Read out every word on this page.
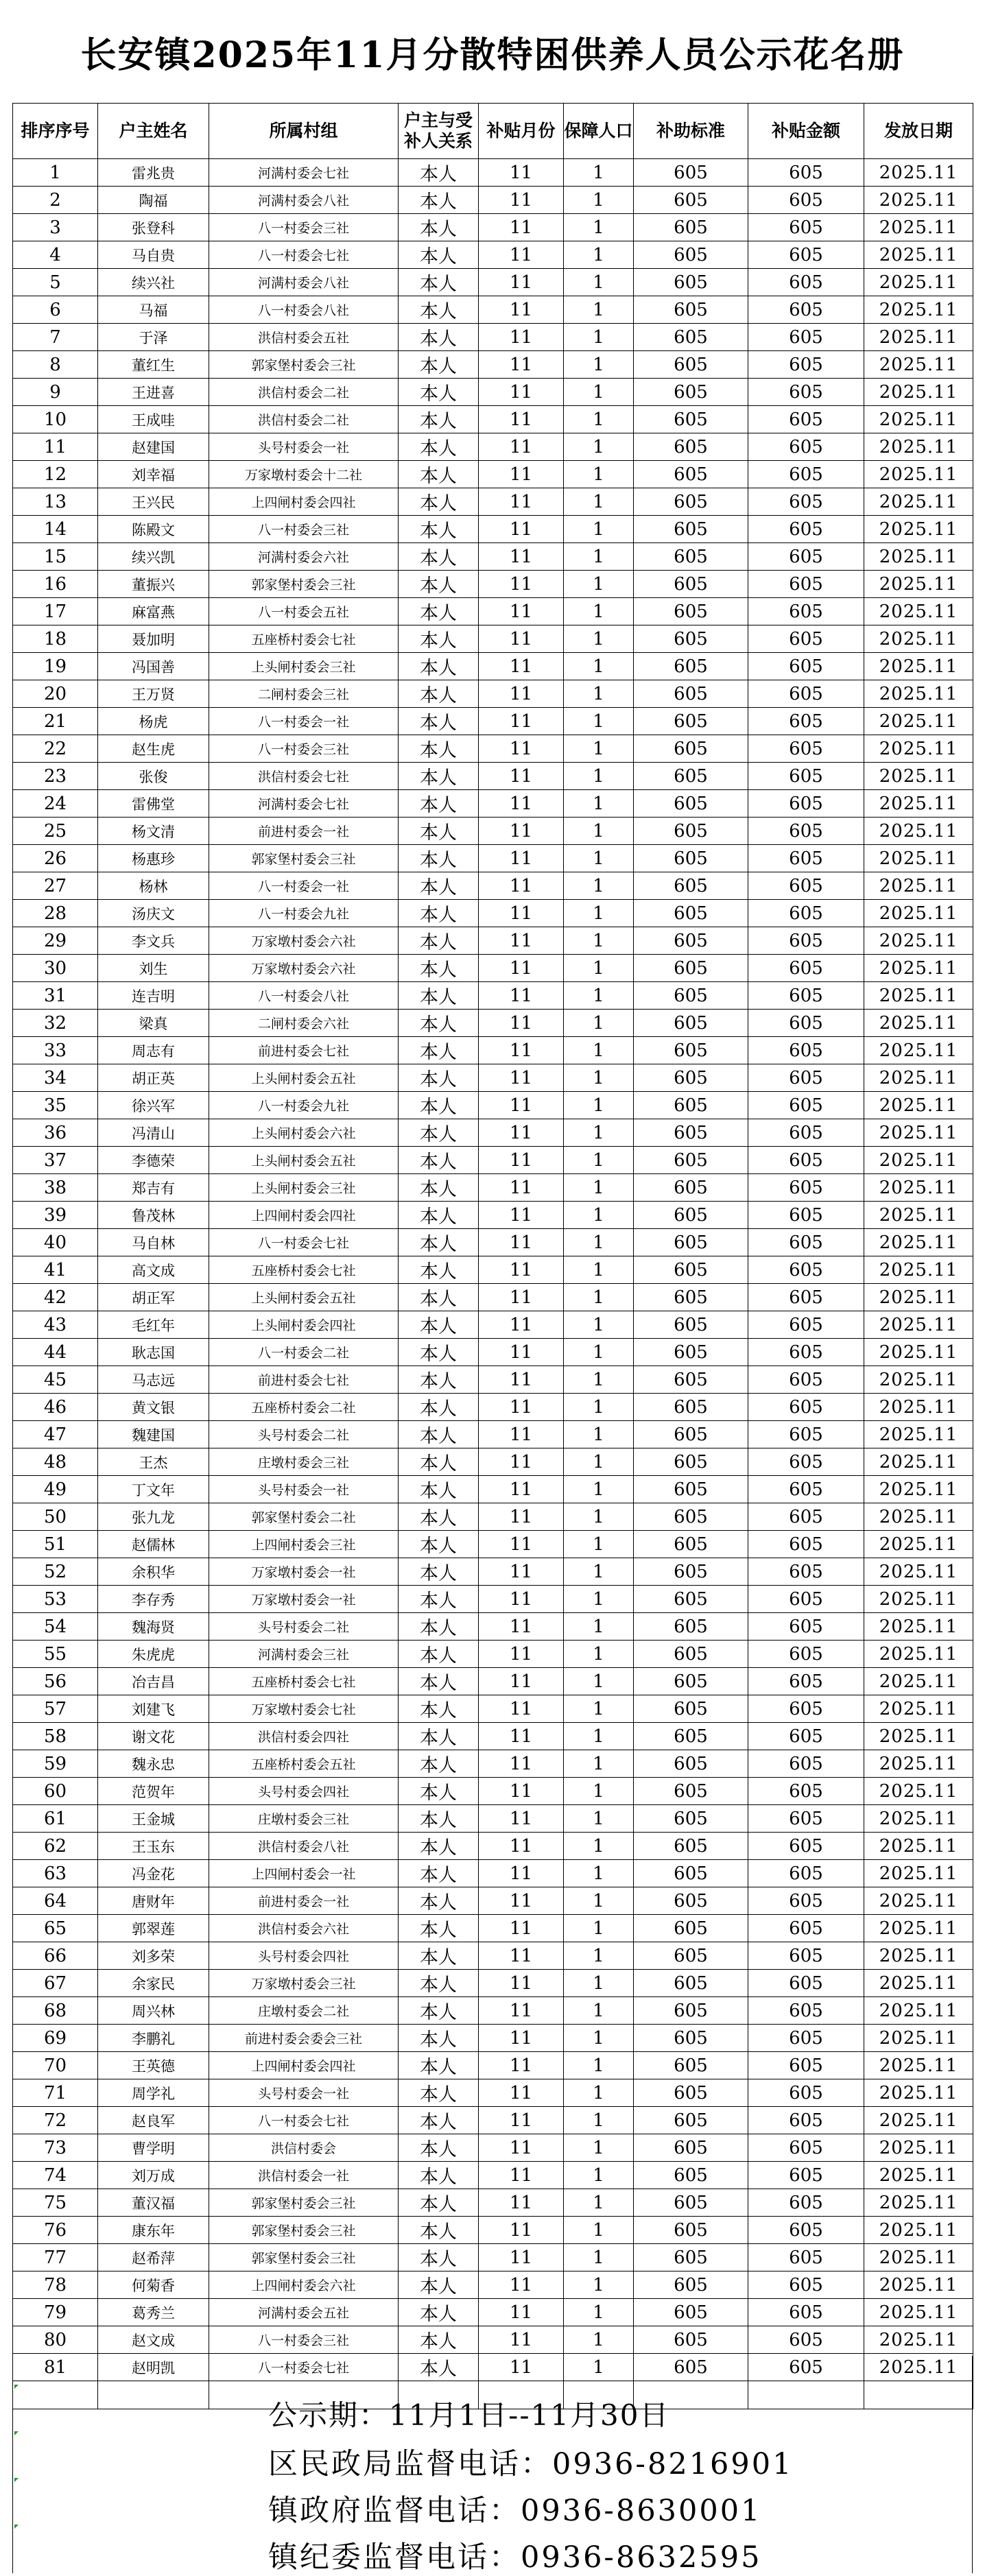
长安镇2025年11月分散特困供养人员公示花名册
排序序号	户主姓名	所属村组	户主与受补人关系	补贴月份	保障人口	补助标准	补贴金额	发放日期
1	雷兆贵	河满村委会七社	本人	11	1	605	605	2025.11
2	陶福	河满村委会八社	本人	11	1	605	605	2025.11
3	张登科	八一村委会三社	本人	11	1	605	605	2025.11
4	马自贵	八一村委会七社	本人	11	1	605	605	2025.11
5	续兴社	河满村委会八社	本人	11	1	605	605	2025.11
6	马福	八一村委会八社	本人	11	1	605	605	2025.11
7	于泽	洪信村委会五社	本人	11	1	605	605	2025.11
8	董红生	郭家堡村委会三社	本人	11	1	605	605	2025.11
9	王进喜	洪信村委会二社	本人	11	1	605	605	2025.11
10	王成哇	洪信村委会二社	本人	11	1	605	605	2025.11
11	赵建国	头号村委会一社	本人	11	1	605	605	2025.11
12	刘幸福	万家墩村委会十二社	本人	11	1	605	605	2025.11
13	王兴民	上四闸村委会四社	本人	11	1	605	605	2025.11
14	陈殿文	八一村委会三社	本人	11	1	605	605	2025.11
15	续兴凯	河满村委会六社	本人	11	1	605	605	2025.11
16	董振兴	郭家堡村委会三社	本人	11	1	605	605	2025.11
17	麻富燕	八一村委会五社	本人	11	1	605	605	2025.11
18	聂加明	五座桥村委会七社	本人	11	1	605	605	2025.11
19	冯国善	上头闸村委会三社	本人	11	1	605	605	2025.11
20	王万贤	二闸村委会三社	本人	11	1	605	605	2025.11
21	杨虎	八一村委会一社	本人	11	1	605	605	2025.11
22	赵生虎	八一村委会三社	本人	11	1	605	605	2025.11
23	张俊	洪信村委会七社	本人	11	1	605	605	2025.11
24	雷佛堂	河满村委会七社	本人	11	1	605	605	2025.11
25	杨文清	前进村委会一社	本人	11	1	605	605	2025.11
26	杨惠珍	郭家堡村委会三社	本人	11	1	605	605	2025.11
27	杨林	八一村委会一社	本人	11	1	605	605	2025.11
28	汤庆文	八一村委会九社	本人	11	1	605	605	2025.11
29	李文兵	万家墩村委会六社	本人	11	1	605	605	2025.11
30	刘生	万家墩村委会六社	本人	11	1	605	605	2025.11
31	连吉明	八一村委会八社	本人	11	1	605	605	2025.11
32	梁真	二闸村委会六社	本人	11	1	605	605	2025.11
33	周志有	前进村委会七社	本人	11	1	605	605	2025.11
34	胡正英	上头闸村委会五社	本人	11	1	605	605	2025.11
35	徐兴军	八一村委会九社	本人	11	1	605	605	2025.11
36	冯清山	上头闸村委会六社	本人	11	1	605	605	2025.11
37	李德荣	上头闸村委会五社	本人	11	1	605	605	2025.11
38	郑吉有	上头闸村委会三社	本人	11	1	605	605	2025.11
39	鲁茂林	上四闸村委会四社	本人	11	1	605	605	2025.11
40	马自林	八一村委会七社	本人	11	1	605	605	2025.11
41	高文成	五座桥村委会七社	本人	11	1	605	605	2025.11
42	胡正军	上头闸村委会五社	本人	11	1	605	605	2025.11
43	毛红年	上头闸村委会四社	本人	11	1	605	605	2025.11
44	耿志国	八一村委会二社	本人	11	1	605	605	2025.11
45	马志远	前进村委会七社	本人	11	1	605	605	2025.11
46	黄文银	五座桥村委会二社	本人	11	1	605	605	2025.11
47	魏建国	头号村委会二社	本人	11	1	605	605	2025.11
48	王杰	庄墩村委会三社	本人	11	1	605	605	2025.11
49	丁文年	头号村委会一社	本人	11	1	605	605	2025.11
50	张九龙	郭家堡村委会二社	本人	11	1	605	605	2025.11
51	赵儒林	上四闸村委会三社	本人	11	1	605	605	2025.11
52	余积华	万家墩村委会一社	本人	11	1	605	605	2025.11
53	李存秀	万家墩村委会一社	本人	11	1	605	605	2025.11
54	魏海贤	头号村委会二社	本人	11	1	605	605	2025.11
55	朱虎虎	河满村委会三社	本人	11	1	605	605	2025.11
56	冶吉昌	五座桥村委会七社	本人	11	1	605	605	2025.11
57	刘建飞	万家墩村委会七社	本人	11	1	605	605	2025.11
58	谢文花	洪信村委会四社	本人	11	1	605	605	2025.11
59	魏永忠	五座桥村委会五社	本人	11	1	605	605	2025.11
60	范贺年	头号村委会四社	本人	11	1	605	605	2025.11
61	王金城	庄墩村委会三社	本人	11	1	605	605	2025.11
62	王玉东	洪信村委会八社	本人	11	1	605	605	2025.11
63	冯金花	上四闸村委会一社	本人	11	1	605	605	2025.11
64	唐财年	前进村委会一社	本人	11	1	605	605	2025.11
65	郭翠莲	洪信村委会六社	本人	11	1	605	605	2025.11
66	刘多荣	头号村委会四社	本人	11	1	605	605	2025.11
67	余家民	万家墩村委会三社	本人	11	1	605	605	2025.11
68	周兴林	庄墩村委会二社	本人	11	1	605	605	2025.11
69	李鹏礼	前进村委会委会三社	本人	11	1	605	605	2025.11
70	王英德	上四闸村委会四社	本人	11	1	605	605	2025.11
71	周学礼	头号村委会一社	本人	11	1	605	605	2025.11
72	赵良军	八一村委会七社	本人	11	1	605	605	2025.11
73	曹学明	洪信村委会	本人	11	1	605	605	2025.11
74	刘万成	洪信村委会一社	本人	11	1	605	605	2025.11
75	董汉福	郭家堡村委会三社	本人	11	1	605	605	2025.11
76	康东年	郭家堡村委会三社	本人	11	1	605	605	2025.11
77	赵希萍	郭家堡村委会三社	本人	11	1	605	605	2025.11
78	何菊香	上四闸村委会六社	本人	11	1	605	605	2025.11
79	葛秀兰	河满村委会五社	本人	11	1	605	605	2025.11
80	赵文成	八一村委会三社	本人	11	1	605	605	2025.11
81	赵明凯	八一村委会七社	本人	11	1	605	605	2025.11

公示期：11月1日--11月30日
区民政局监督电话：0936-8216901
镇政府监督电话：0936-8630001
镇纪委监督电话：0936-8632595
